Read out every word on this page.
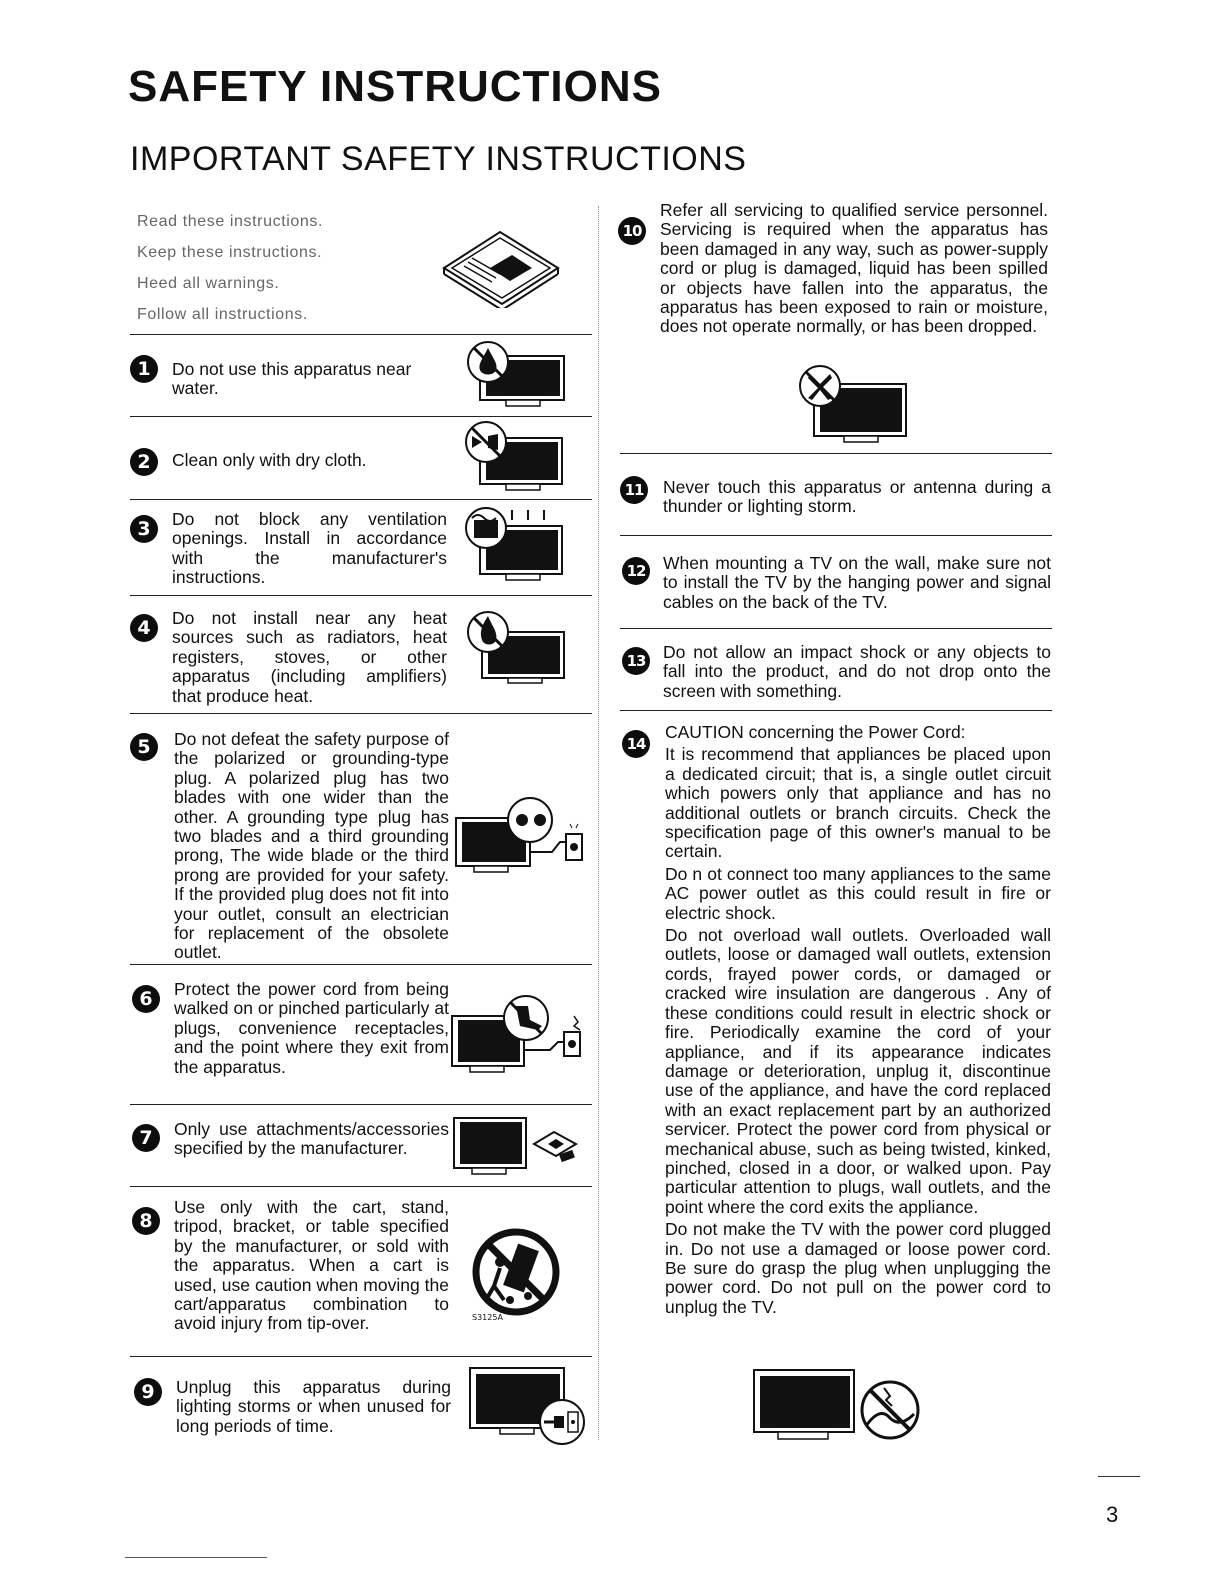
SAFETY INSTRUCTIONS
IMPORTANT SAFETY INSTRUCTIONS
Read these instructions.
Keep these instructions.
Heed all warnings.
Follow all instructions.
1	Do not use this apparatus near water.
2	Clean only with dry cloth.
3	Do not block any ventilation openings. Install in accordance with the manufacturer's instructions.
4	Do not install near any heat sources such as radiators, heat registers, stoves, or other apparatus (including amplifiers) that produce heat.
5	Do not defeat the safety purpose of the polarized or grounding-type plug. A polarized plug has two blades with one wider than the other. A grounding type plug has two blades and a third grounding prong, The wide blade or the third prong are provided for your safety. If the provided plug does not fit into your outlet, consult an electrician for replacement of the obsolete outlet.
6	Protect the power cord from being walked on or pinched particularly at plugs, convenience receptacles, and the point where they exit from the apparatus.
7	Only use attachments/accessories specified by the manufacturer.
8
Use only with the cart, stand, tripod, bracket, or table specified by the manufacturer, or sold with the apparatus. When a cart is used, use caution when moving the cart/apparatus combination to avoid injury from tip-over.	S3125A
9	Unplug this apparatus during lighting storms or when unused for long periods of time.
10
Refer all servicing to qualified service personnel. Servicing is required when the apparatus has been damaged in any way, such as power-supply cord or plug is damaged, liquid has been spilled or objects have fallen into the apparatus, the apparatus has been exposed to rain or moisture, does not operate normally, or has been dropped.
11 Never touch this apparatus or antenna during a thunder or lighting storm.
12 When mounting a TV on the wall, make sure not to install the TV by the hanging power and signal cables on the back of the TV.
13 Do not allow an impact shock or any objects to fall into the product, and do not drop onto the screen with something.
14

CAUTION concerning the Power Cord:

It is recommend that appliances be placed upon a dedicated circuit; that is, a single outlet circuit which powers only that appliance and has no additional outlets or branch circuits. Check the specification page of this owner's manual to be certain.

Do n ot connect too many appliances to the same AC power outlet as this could result in fire or electric shock.

Do not overload wall outlets. Overloaded wall outlets, loose or damaged wall outlets, extension cords, frayed power cords, or damaged or cracked wire insulation are dangerous . Any of these conditions could result in electric shock or fire. Periodically examine the cord of your appliance, and if its appearance indicates damage or deterioration, unplug it, discontinue use of the appliance, and have the cord replaced with an exact replacement part by an authorized servicer. Protect the power cord from physical or mechanical abuse, such as being twisted, kinked, pinched, closed in a door, or walked upon. Pay particular attention to plugs, wall outlets, and the point where the cord exits the appliance.

Do not make the TV with the power cord plugged in. Do not use a damaged or loose power cord. Be sure do grasp the plug when unplugging the power cord. Do not pull on the power cord to unplug the TV.

3
